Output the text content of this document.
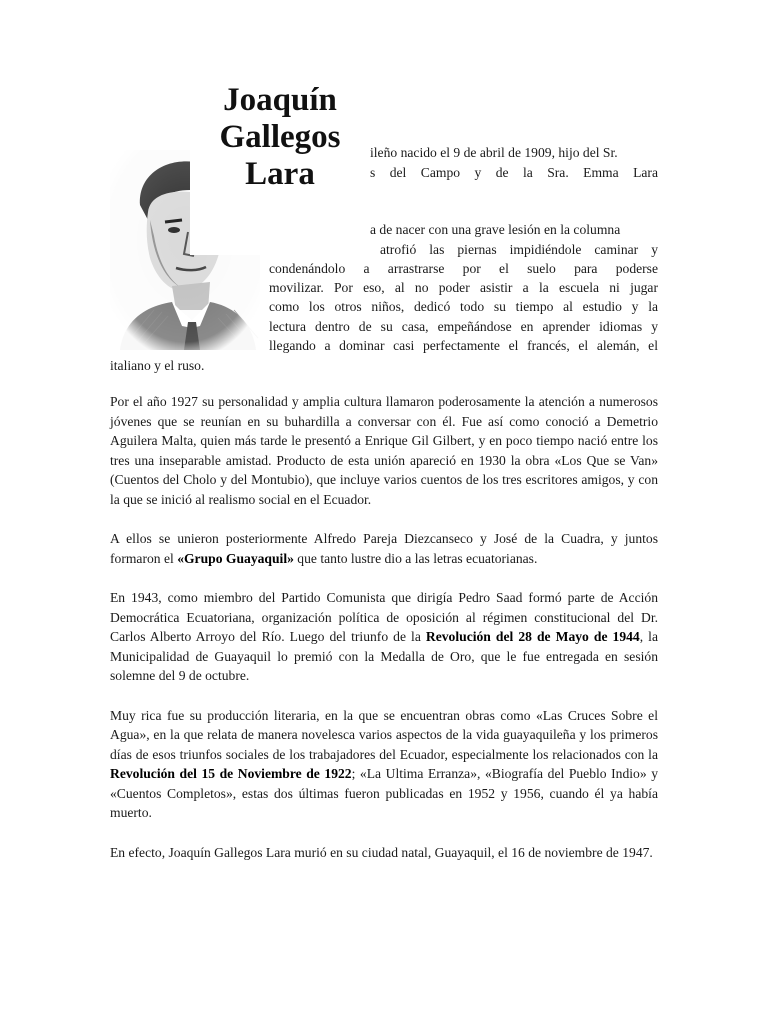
Joaquín
Gallegos
Lara

ileño nacido el 9 de abril de 1909, hijo del Sr.

s del Campo y de la Sra. Emma Lara

a de nacer con una grave lesión en la columna

atrofió las piernas impidiéndole caminar y

condenándolo a arrastrarse por el suelo para poderse

movilizar. Por eso, al no poder asistir a la escuela ni jugar

como los otros niños, dedicó todo su tiempo al estudio y la

lectura dentro de su casa, empeñándose en aprender idiomas y

llegando a dominar casi perfectamente el francés, el alemán, el

italiano y el ruso.

Por el año 1927 su personalidad y amplia cultura llamaron poderosamente la atención a numerosos jóvenes que se reunían en su buhardilla a conversar con él. Fue así como conoció a Demetrio Aguilera Malta, quien más tarde le presentó a Enrique Gil Gilbert, y en poco tiempo nació entre los tres una inseparable amistad. Producto de esta unión apareció en 1930 la obra «Los Que se Van» (Cuentos del Cholo y del Montubio), que incluye varios cuentos de los tres escritores amigos, y con la que se inició al realismo social en el Ecuador.

A ellos se unieron posteriormente Alfredo Pareja Diezcanseco y José de la Cuadra, y juntos formaron el «Grupo Guayaquil» que tanto lustre dio a las letras ecuatorianas.

En 1943, como miembro del Partido Comunista que dirigía Pedro Saad formó parte de Acción Democrática Ecuatoriana, organización política de oposición al régimen constitucional del Dr. Carlos Alberto Arroyo del Río. Luego del triunfo de la Revolución del 28 de Mayo de 1944, la Municipalidad de Guayaquil lo premió con la Medalla de Oro, que le fue entregada en sesión solemne del 9 de octubre.

Muy rica fue su producción literaria, en la que se encuentran obras como «Las Cruces Sobre el Agua», en la que relata de manera novelesca varios aspectos de la vida guayaquileña y los primeros días de esos triunfos sociales de los trabajadores del Ecuador, especialmente los relacionados con la Revolución del 15 de Noviembre de 1922; «La Ultima Erranza», «Biografía del Pueblo Indio» y «Cuentos Completos», estas dos últimas fueron publicadas en 1952 y 1956, cuando él ya había muerto.

En efecto, Joaquín Gallegos Lara murió en su ciudad natal, Guayaquil, el 16 de noviembre de 1947.
